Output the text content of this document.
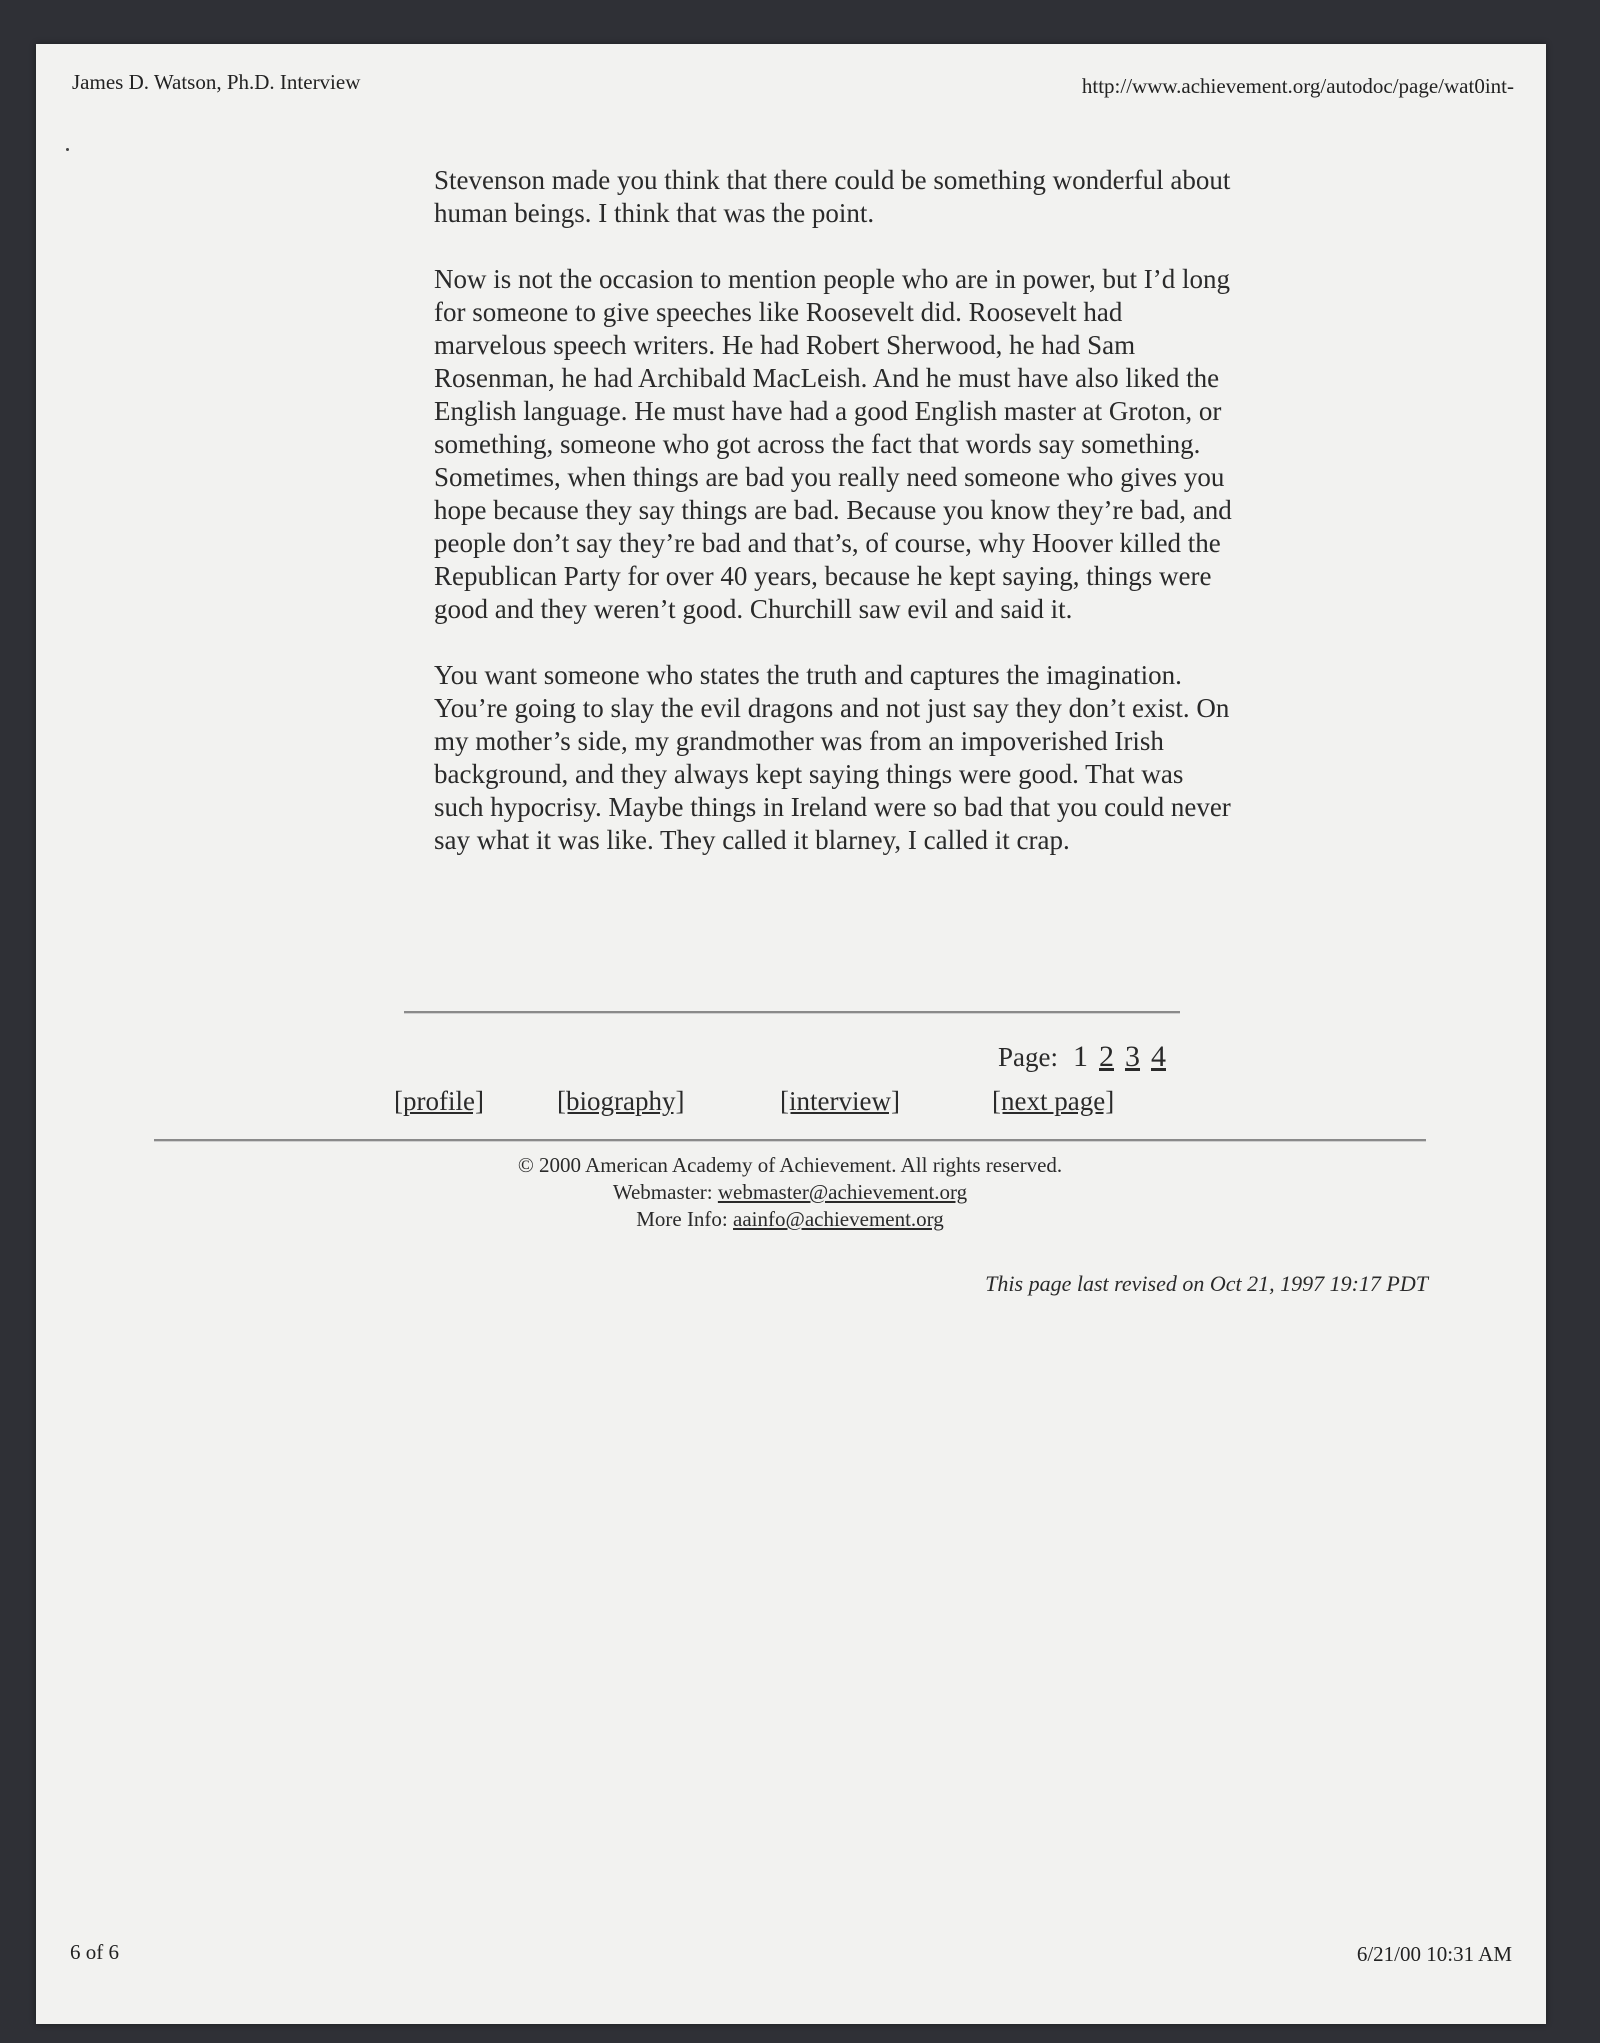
James D. Watson, Ph.D. Interview	http://www.achievement.org/autodoc/page/wat0int-

Stevenson made you think that there could be something wonderful about human beings. I think that was the point.

Now is not the occasion to mention people who are in power, but I’d long for someone to give speeches like Roosevelt did. Roosevelt had marvelous speech writers. He had Robert Sherwood, he had Sam Rosenman, he had Archibald MacLeish. And he must have also liked the English language. He must have had a good English master at Groton, or something, someone who got across the fact that words say something. Sometimes, when things are bad you really need someone who gives you hope because they say things are bad. Because you know they’re bad, and people don’t say they’re bad and that’s, of course, why Hoover killed the Republican Party for over 40 years, because he kept saying, things were good and they weren’t good. Churchill saw evil and said it.

You want someone who states the truth and captures the imagination. You’re going to slay the evil dragons and not just say they don’t exist. On my mother’s side, my grandmother was from an impoverished Irish background, and they always kept saying things were good. That was such hypocrisy. Maybe things in Ireland were so bad that you could never say what it was like. They called it blarney, I called it crap.

Page: 1 2 3 4
[profile]	[biography]	[interview]	[next page]
© 2000 American Academy of Achievement. All rights reserved.
Webmaster: webmaster@achievement.org
More Info: aainfo@achievement.org
This page last revised on Oct 21, 1997 19:17 PDT
6 of 6	6/21/00 10:31 AM
